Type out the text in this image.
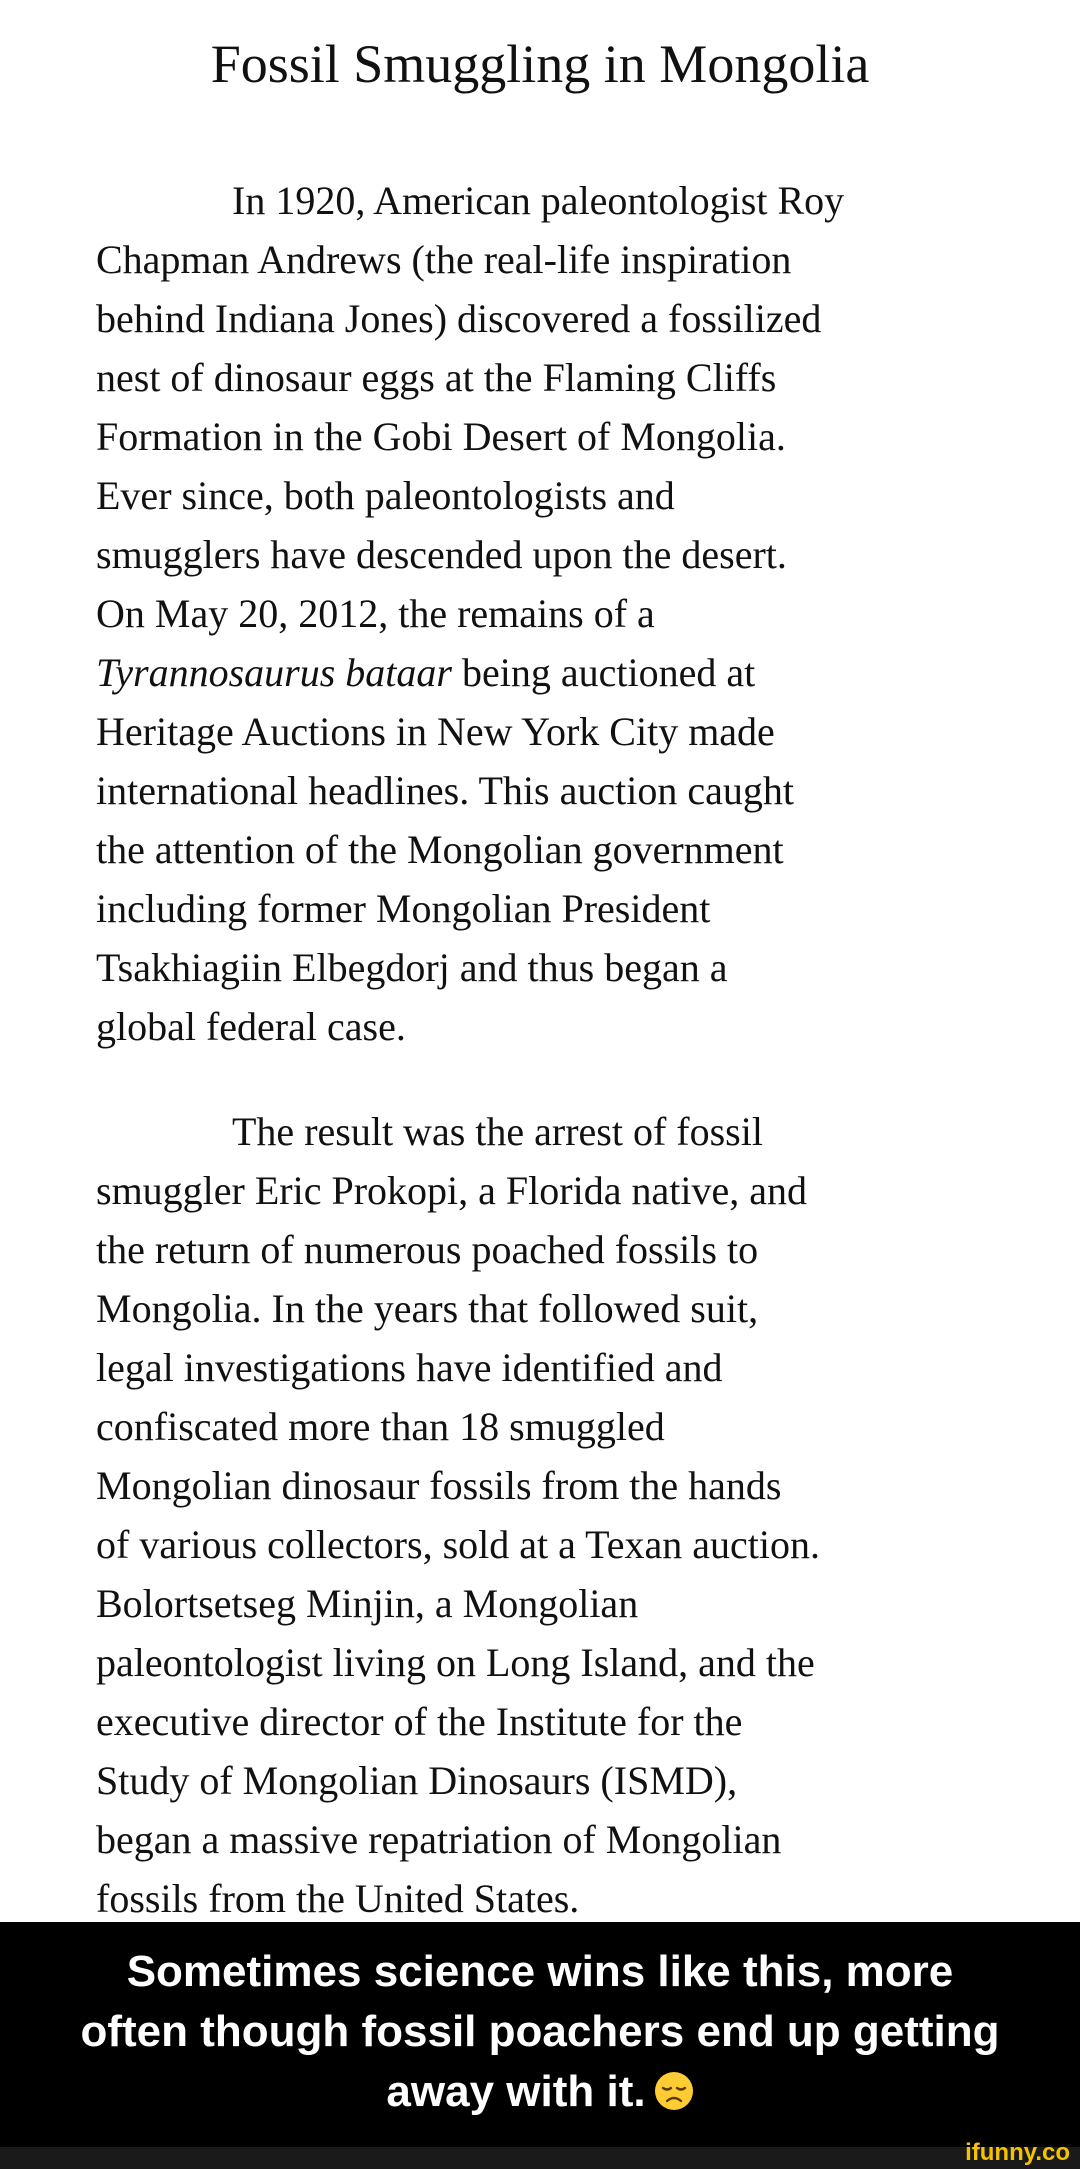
Fossil Smuggling in Mongolia

In 1920, American paleontologist Roy
Chapman Andrews (the real-life inspiration
behind Indiana Jones) discovered a fossilized
nest of dinosaur eggs at the Flaming Cliffs
Formation in the Gobi Desert of Mongolia.
Ever since, both paleontologists and
smugglers have descended upon the desert.
On May 20, 2012, the remains of a
Tyrannosaurus bataar being auctioned at
Heritage Auctions in New York City made
international headlines. This auction caught
the attention of the Mongolian government
including former Mongolian President
Tsakhiagiin Elbegdorj and thus began a
global federal case.

The result was the arrest of fossil
smuggler Eric Prokopi, a Florida native, and
the return of numerous poached fossils to
Mongolia. In the years that followed suit,
legal investigations have identified and
confiscated more than 18 smuggled
Mongolian dinosaur fossils from the hands
of various collectors, sold at a Texan auction.
Bolortsetseg Minjin, a Mongolian
paleontologist living on Long Island, and the
executive director of the Institute for the
Study of Mongolian Dinosaurs (ISMD),
began a massive repatriation of Mongolian
fossils from the United States.

Sometimes science wins like this, more
often though fossil poachers end up getting
away with it.
ifunny.co
